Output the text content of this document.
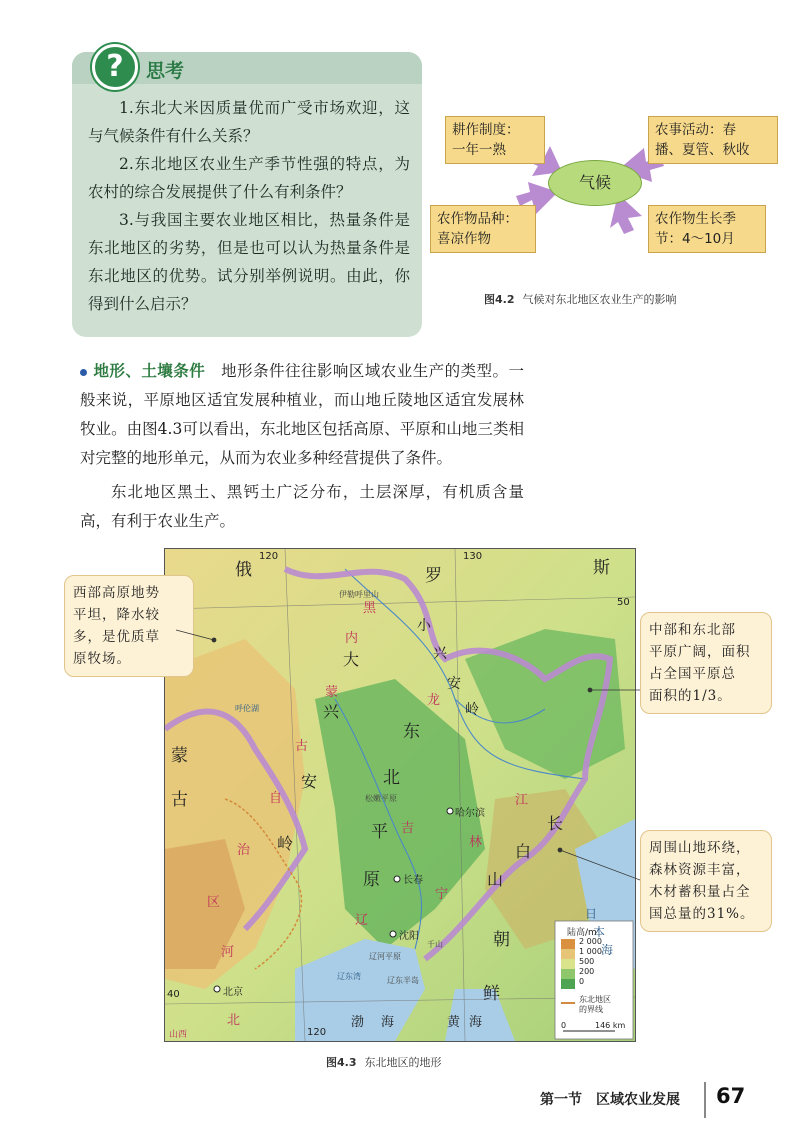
?	思考
1.东北大米因质量优而广受市场欢迎，这与气候条件有什么关系？
2.东北地区农业生产季节性强的特点，为农村的综合发展提供了什么有利条件？
3.与我国主要农业地区相比，热量条件是东北地区的劣势，但是也可以认为热量条件是东北地区的优势。试分别举例说明。由此，你得到什么启示？
耕作制度：
一年一熟
农事活动：春
播、夏管、秋收
气候
农作物品种：
喜凉作物
农作物生长季
节：4～10月
图4.2 气候对东北地区农业生产的影响
地形、土壤条件  地形条件往往影响区域农业生产的类型。一般来说，平原地区适宜发展种植业，而山地丘陵地区适宜发展林牧业。由图4.3可以看出，东北地区包括高原、平原和山地三类相对完整的地形单元，从而为农业多种经营提供了条件。
东北地区黑土、黑钙土广泛分布，土层深厚，有机质含量高，有利于农业生产。
120	130
120
50
40
俄	罗	斯
蒙
古
大
兴
安
岭
小
兴
安
岭
东
北
平
原
长
白
山
朝
鲜
渤 海	黄 海
日
本
海
黑
龙
江
内
蒙
古
自
治
区
吉
林
辽
宁
河
北
山西
哈尔滨
长春
沈阳
北京
伊勒呼里山
呼伦湖
松嫩平原
辽河平原
辽东湾	辽东半岛
千山
陆高/m
2 000
1 000
500
200
0
东北地区
的界线
0	146 km
西部高原地势
平坦，降水较
多，是优质草
原牧场。
中部和东北部
平原广阔，面积
占全国平原总
面积的1/3。
周围山地环绕，
森林资源丰富，
木材蓄积量占全
国总量的31%。
图4.3 东北地区的地形
第一节　区域农业发展 67
